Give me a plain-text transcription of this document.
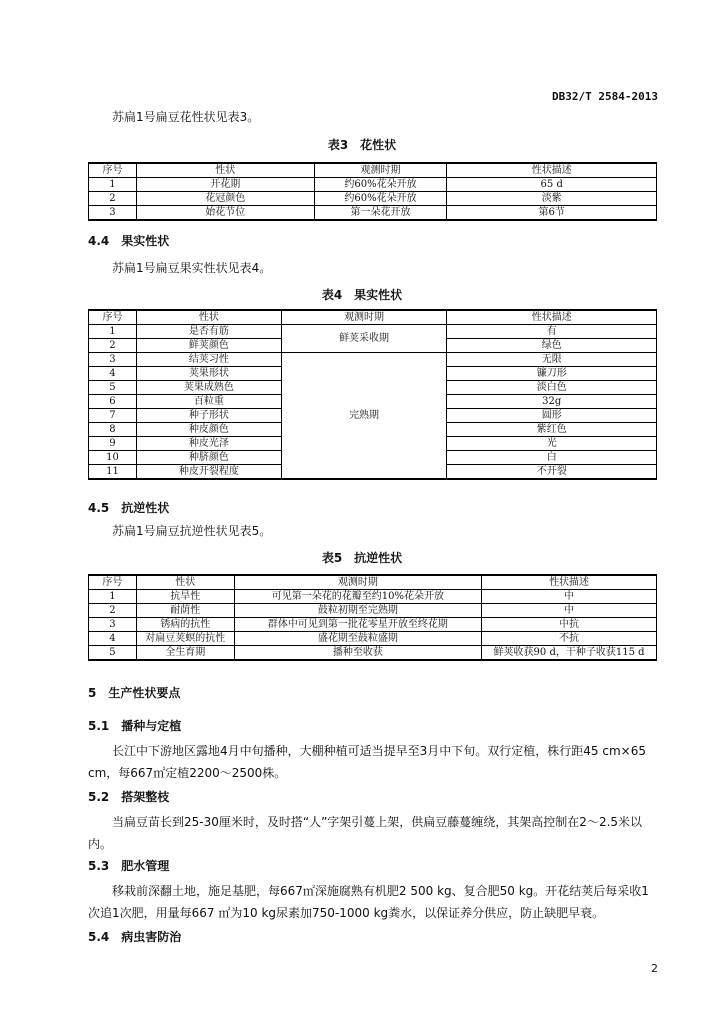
DB32/T 2584-2013
苏扁1号扁豆花性状见表3。
表3　花性状
序号	性状	观测时期	性状描述
1	开花期	约60%花朵开放	65 d
2	花冠颜色	约60%花朵开放	淡紫
3	始花节位	第一朵花开放	第6节
4.4　果实性状
苏扁1号扁豆果实性状见表4。
表4　果实性状
序号	性状	观测时期	性状描述
1	是否有筋	鲜荚采收期	有
2	鲜荚颜色		绿色
3	结荚习性	完熟期	无限
4	荚果形状		镰刀形
5	荚果成熟色		淡白色
6	百粒重		32g
7	种子形状		圆形
8	种皮颜色		紫红色
9	种皮光泽		光
10	种脐颜色		白
11	种皮开裂程度		不开裂
4.5　抗逆性状
苏扁1号扁豆抗逆性状见表5。
表5　抗逆性状
序号	性状	观测时期	性状描述
1	抗旱性	可见第一朵花的花瓣至约10%花朵开放	中
2	耐荫性	鼓粒初期至完熟期	中
3	锈病的抗性	群体中可见到第一批花零星开放至终花期	中抗
4	对扁豆荚螟的抗性	盛花期至鼓粒盛期	不抗
5	全生育期	播种至收获	鲜荚收获90 d，干种子收获115 d
5　生产性状要点
5.1　播种与定植
长江中下游地区露地4月中旬播种，大棚种植可适当提早至3月中下旬。双行定植，株行距45 cm×65 cm，每667㎡定植2200～2500株。
5.2　搭架整枝
当扁豆苗长到25-30厘米时，及时搭“人”字架引蔓上架，供扁豆藤蔓缠绕，其架高控制在2～2.5米以内。
5.3　肥水管理
移栽前深翻土地，施足基肥，每667㎡深施腐熟有机肥2 500 kg、复合肥50 kg。开花结荚后每采收1次追1次肥，用量每667 ㎡为10 kg尿素加750-1000 kg粪水，以保证养分供应，防止缺肥早衰。
5.4　病虫害防治
2
